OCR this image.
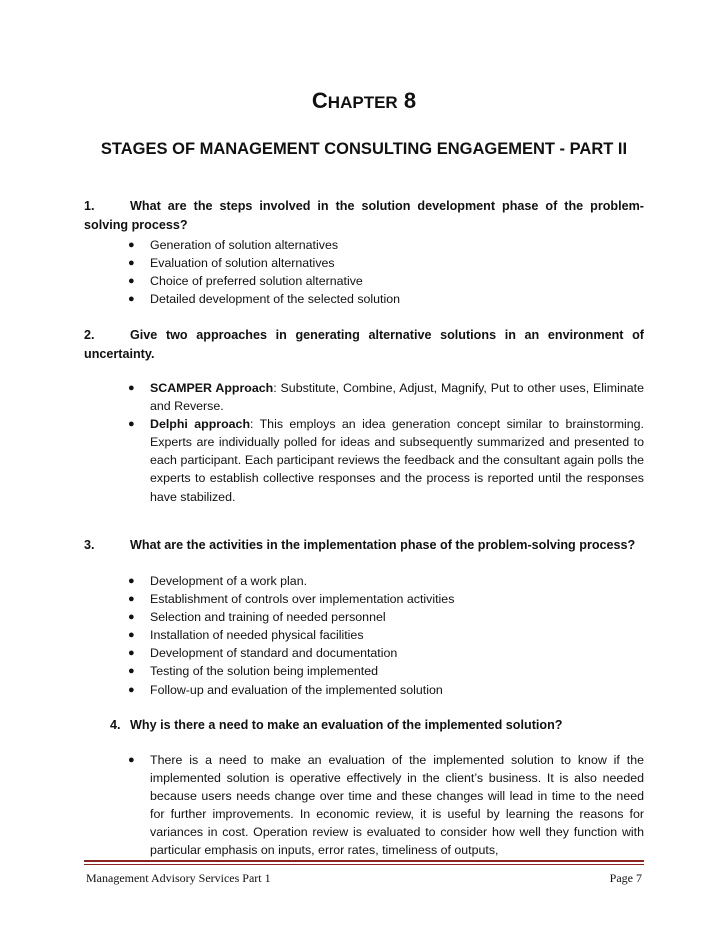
CHAPTER 8
STAGES OF MANAGEMENT CONSULTING ENGAGEMENT - PART II
1.	What are the steps involved in the solution development phase of the problem-solving process?
● Generation of solution alternatives
● Evaluation of solution alternatives
● Choice of preferred solution alternative
● Detailed development of the selected solution
2.	Give two approaches in generating alternative solutions in an environment of uncertainty.
● SCAMPER Approach: Substitute, Combine, Adjust, Magnify, Put to other uses, Eliminate and Reverse.
● Delphi approach: This employs an idea generation concept similar to brainstorming. Experts are individually polled for ideas and subsequently summarized and presented to each participant. Each participant reviews the feedback and the consultant again polls the experts to establish collective responses and the process is reported until the responses have stabilized.
3.	What are the activities in the implementation phase of the problem-solving process?
● Development of a work plan.
● Establishment of controls over implementation activities
● Selection and training of needed personnel
● Installation of needed physical facilities
● Development of standard and documentation
● Testing of the solution being implemented
● Follow-up and evaluation of the implemented solution
4. Why is there a need to make an evaluation of the implemented solution?
● There is a need to make an evaluation of the implemented solution to know if the implemented solution is operative effectively in the client’s business. It is also needed because users needs change over time and these changes will lead in time to the need for further improvements. In economic review, it is useful by learning the reasons for variances in cost. Operation review is evaluated to consider how well they function with particular emphasis on inputs, error rates, timeliness of outputs,
Management Advisory Services Part 1	Page 7
